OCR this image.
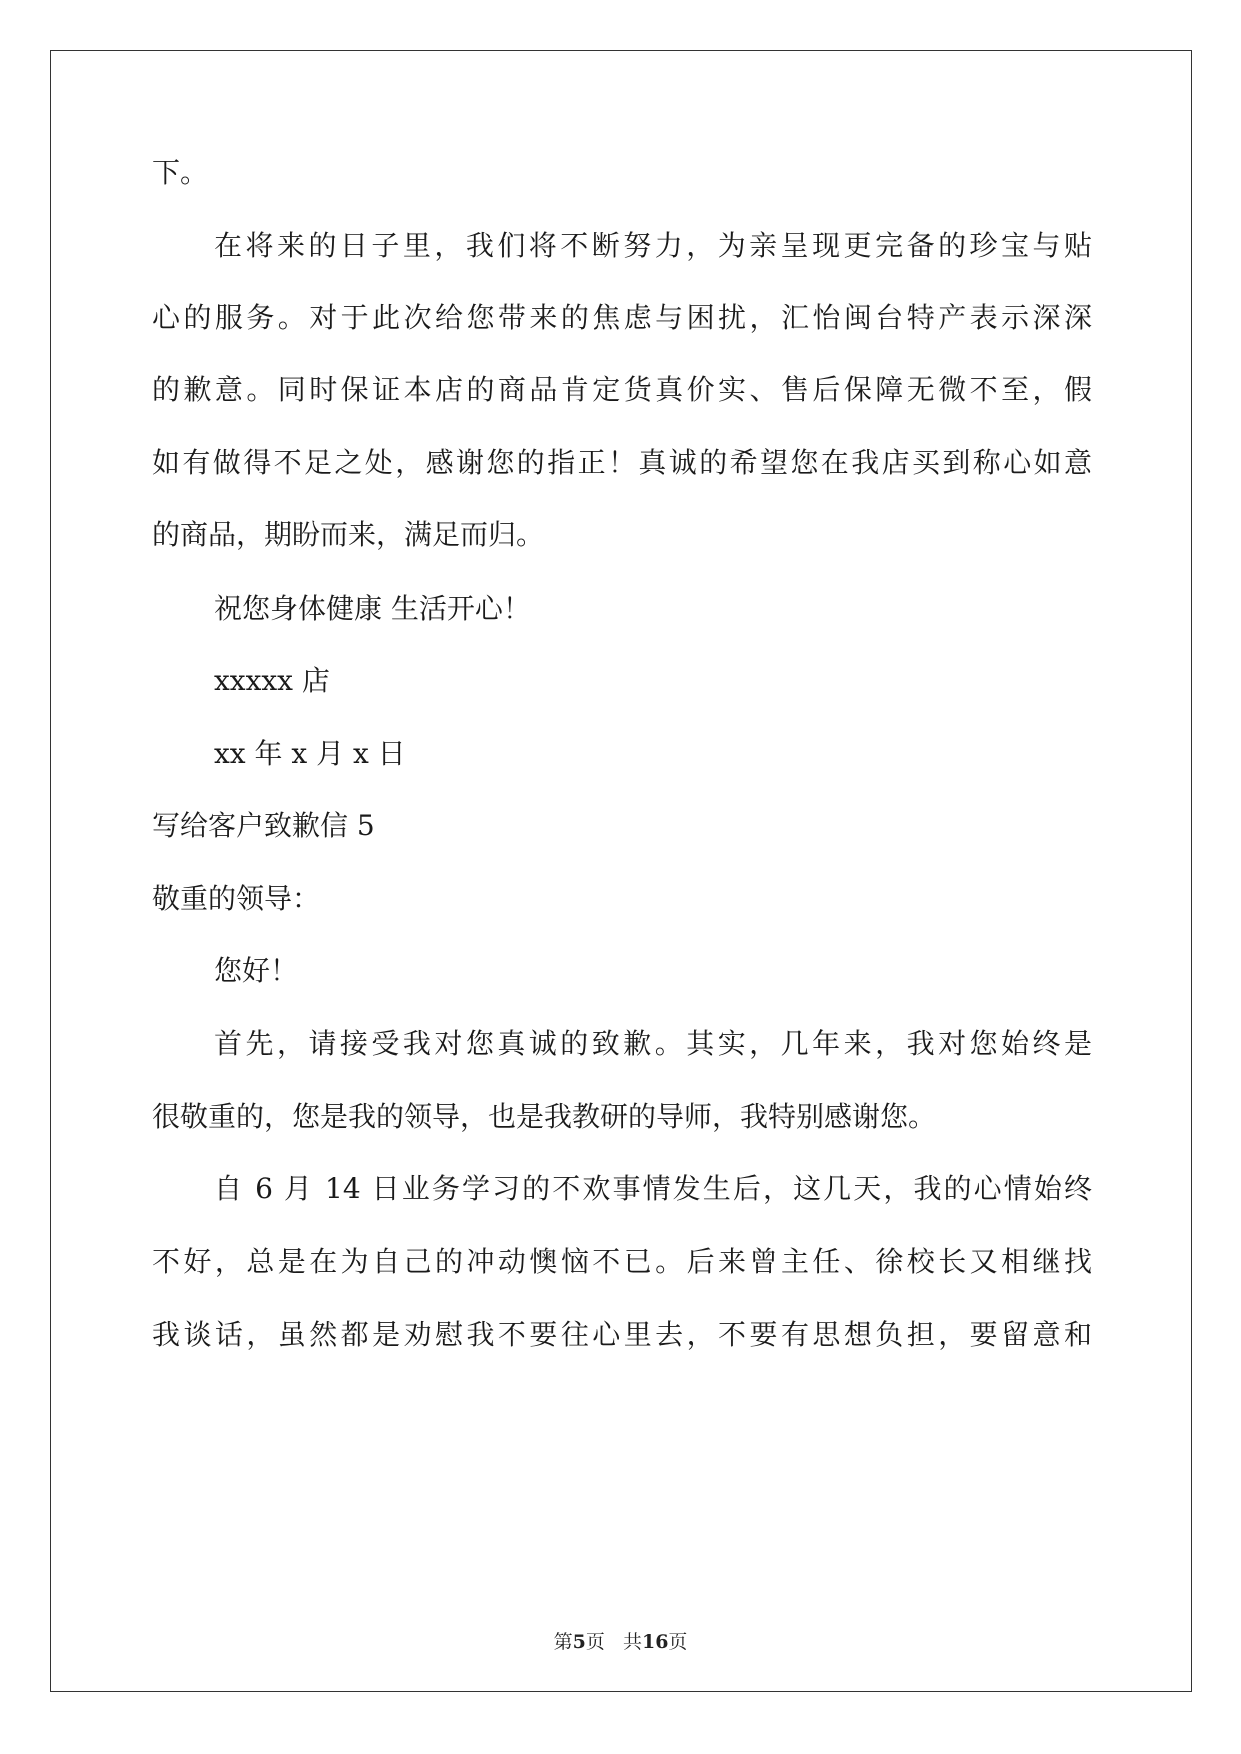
下。
在将来的日子里，我们将不断努力，为亲呈现更完备的珍宝与贴
心的服务。对于此次给您带来的焦虑与困扰，汇怡闽台特产表示深深
的歉意。同时保证本店的商品肯定货真价实、售后保障无微不至，假
如有做得不足之处，感谢您的指正！真诚的希望您在我店买到称心如意
的商品，期盼而来，满足而归。
祝您身体健康 生活开心！
xxxxx 店
xx 年 x 月 x 日
写给客户致歉信 5
敬重的领导：
您好！
首先，请接受我对您真诚的致歉。其实，几年来，我对您始终是
很敬重的，您是我的领导，也是我教研的导师，我特别感谢您。
自 6 月 14 日业务学习的不欢事情发生后，这几天，我的心情始终
不好，总是在为自己的冲动懊恼不已。后来曾主任、徐校长又相继找
我谈话，虽然都是劝慰我不要往心里去，不要有思想负担，要留意和
第5页 共16页
